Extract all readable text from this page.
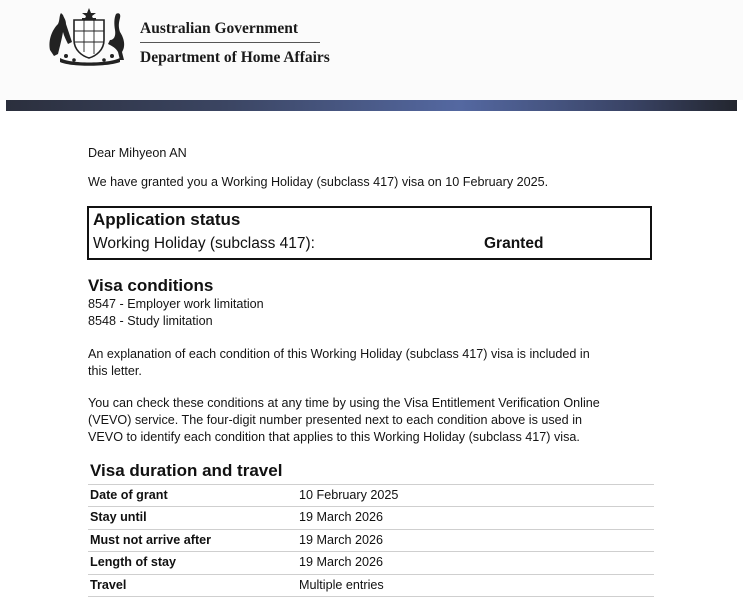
Australian Government
Department of Home Affairs
Dear Mihyeon AN
We have granted you a Working Holiday (subclass 417) visa on 10 February 2025.
Application status
Working Holiday (subclass 417):	Granted
Visa conditions
8547 - Employer work limitation
8548 - Study limitation
An explanation of each condition of this Working Holiday (subclass 417) visa is included in
this letter.
You can check these conditions at any time by using the Visa Entitlement Verification Online
(VEVO) service. The four-digit number presented next to each condition above is used in
VEVO to identify each condition that applies to this Working Holiday (subclass 417) visa.
Visa duration and travel
Date of grant	10 February 2025
Stay until	19 March 2026
Must not arrive after	19 March 2026
Length of stay	19 March 2026
Travel	Multiple entries
